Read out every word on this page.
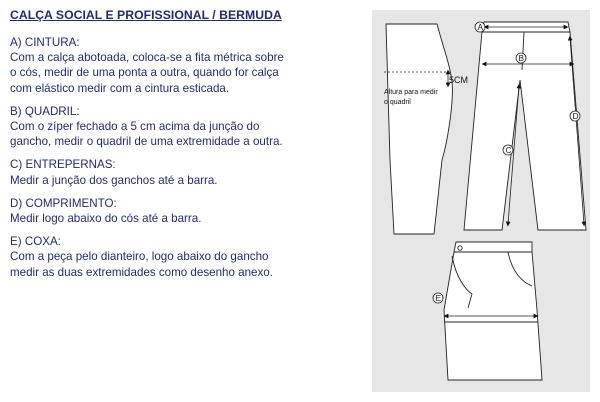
CALÇA SOCIAL E PROFISSIONAL / BERMUDA
A) CINTURA:
Com a calça abotoada, coloca-se a fita métrica sobre
o cós, medir de uma ponta a outra, quando for calça
com elástico medir com a cintura esticada.
B) QUADRIL:
Com o zíper fechado a 5 cm acima da junção do
gancho, medir o quadril de uma extremidade a outra.
C) ENTREPERNAS:
Medir a junção dos ganchos até a barra.
D) COMPRIMENTO:
Medir logo abaixo do cós até a barra.
E) COXA:
Com a peça pelo dianteiro, logo abaixo do gancho
medir as duas extremidades como desenho anexo.
Altura para medir
o quadril
5CM
A
B
C
D
E
